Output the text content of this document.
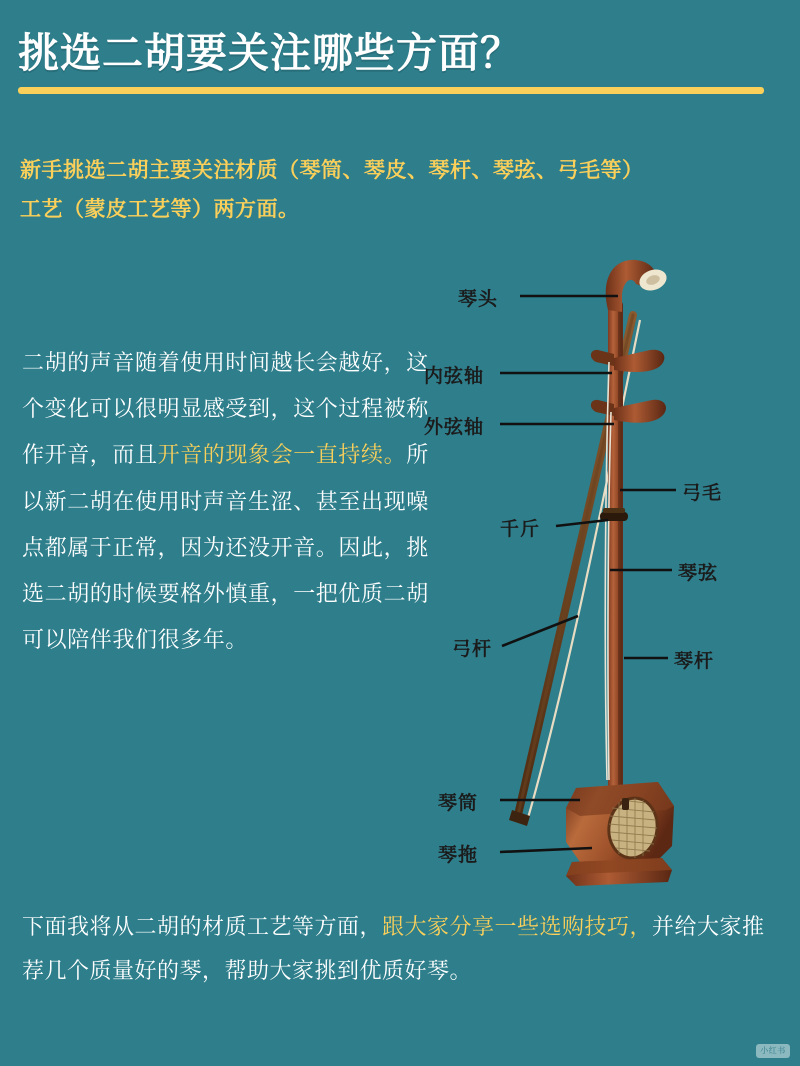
挑选二胡要关注哪些方面？
新手挑选二胡主要关注材质（琴筒、琴皮、琴杆、琴弦、弓毛等）
工艺（蒙皮工艺等）两方面。
二胡的声音随着使用时间越长会越好，这个变化可以很明显感受到，这个过程被称作开音，而且开音的现象会一直持续。所以新二胡在使用时声音生涩、甚至出现噪点都属于正常，因为还没开音。因此，挑选二胡的时候要格外慎重，一把优质二胡可以陪伴我们很多年。
琴头
内弦轴
外弦轴
弓毛
千斤
琴弦
弓杆
琴杆
琴筒
琴拖
下面我将从二胡的材质工艺等方面，跟大家分享一些选购技巧，并给大家推荐几个质量好的琴，帮助大家挑到优质好琴。
小红书
